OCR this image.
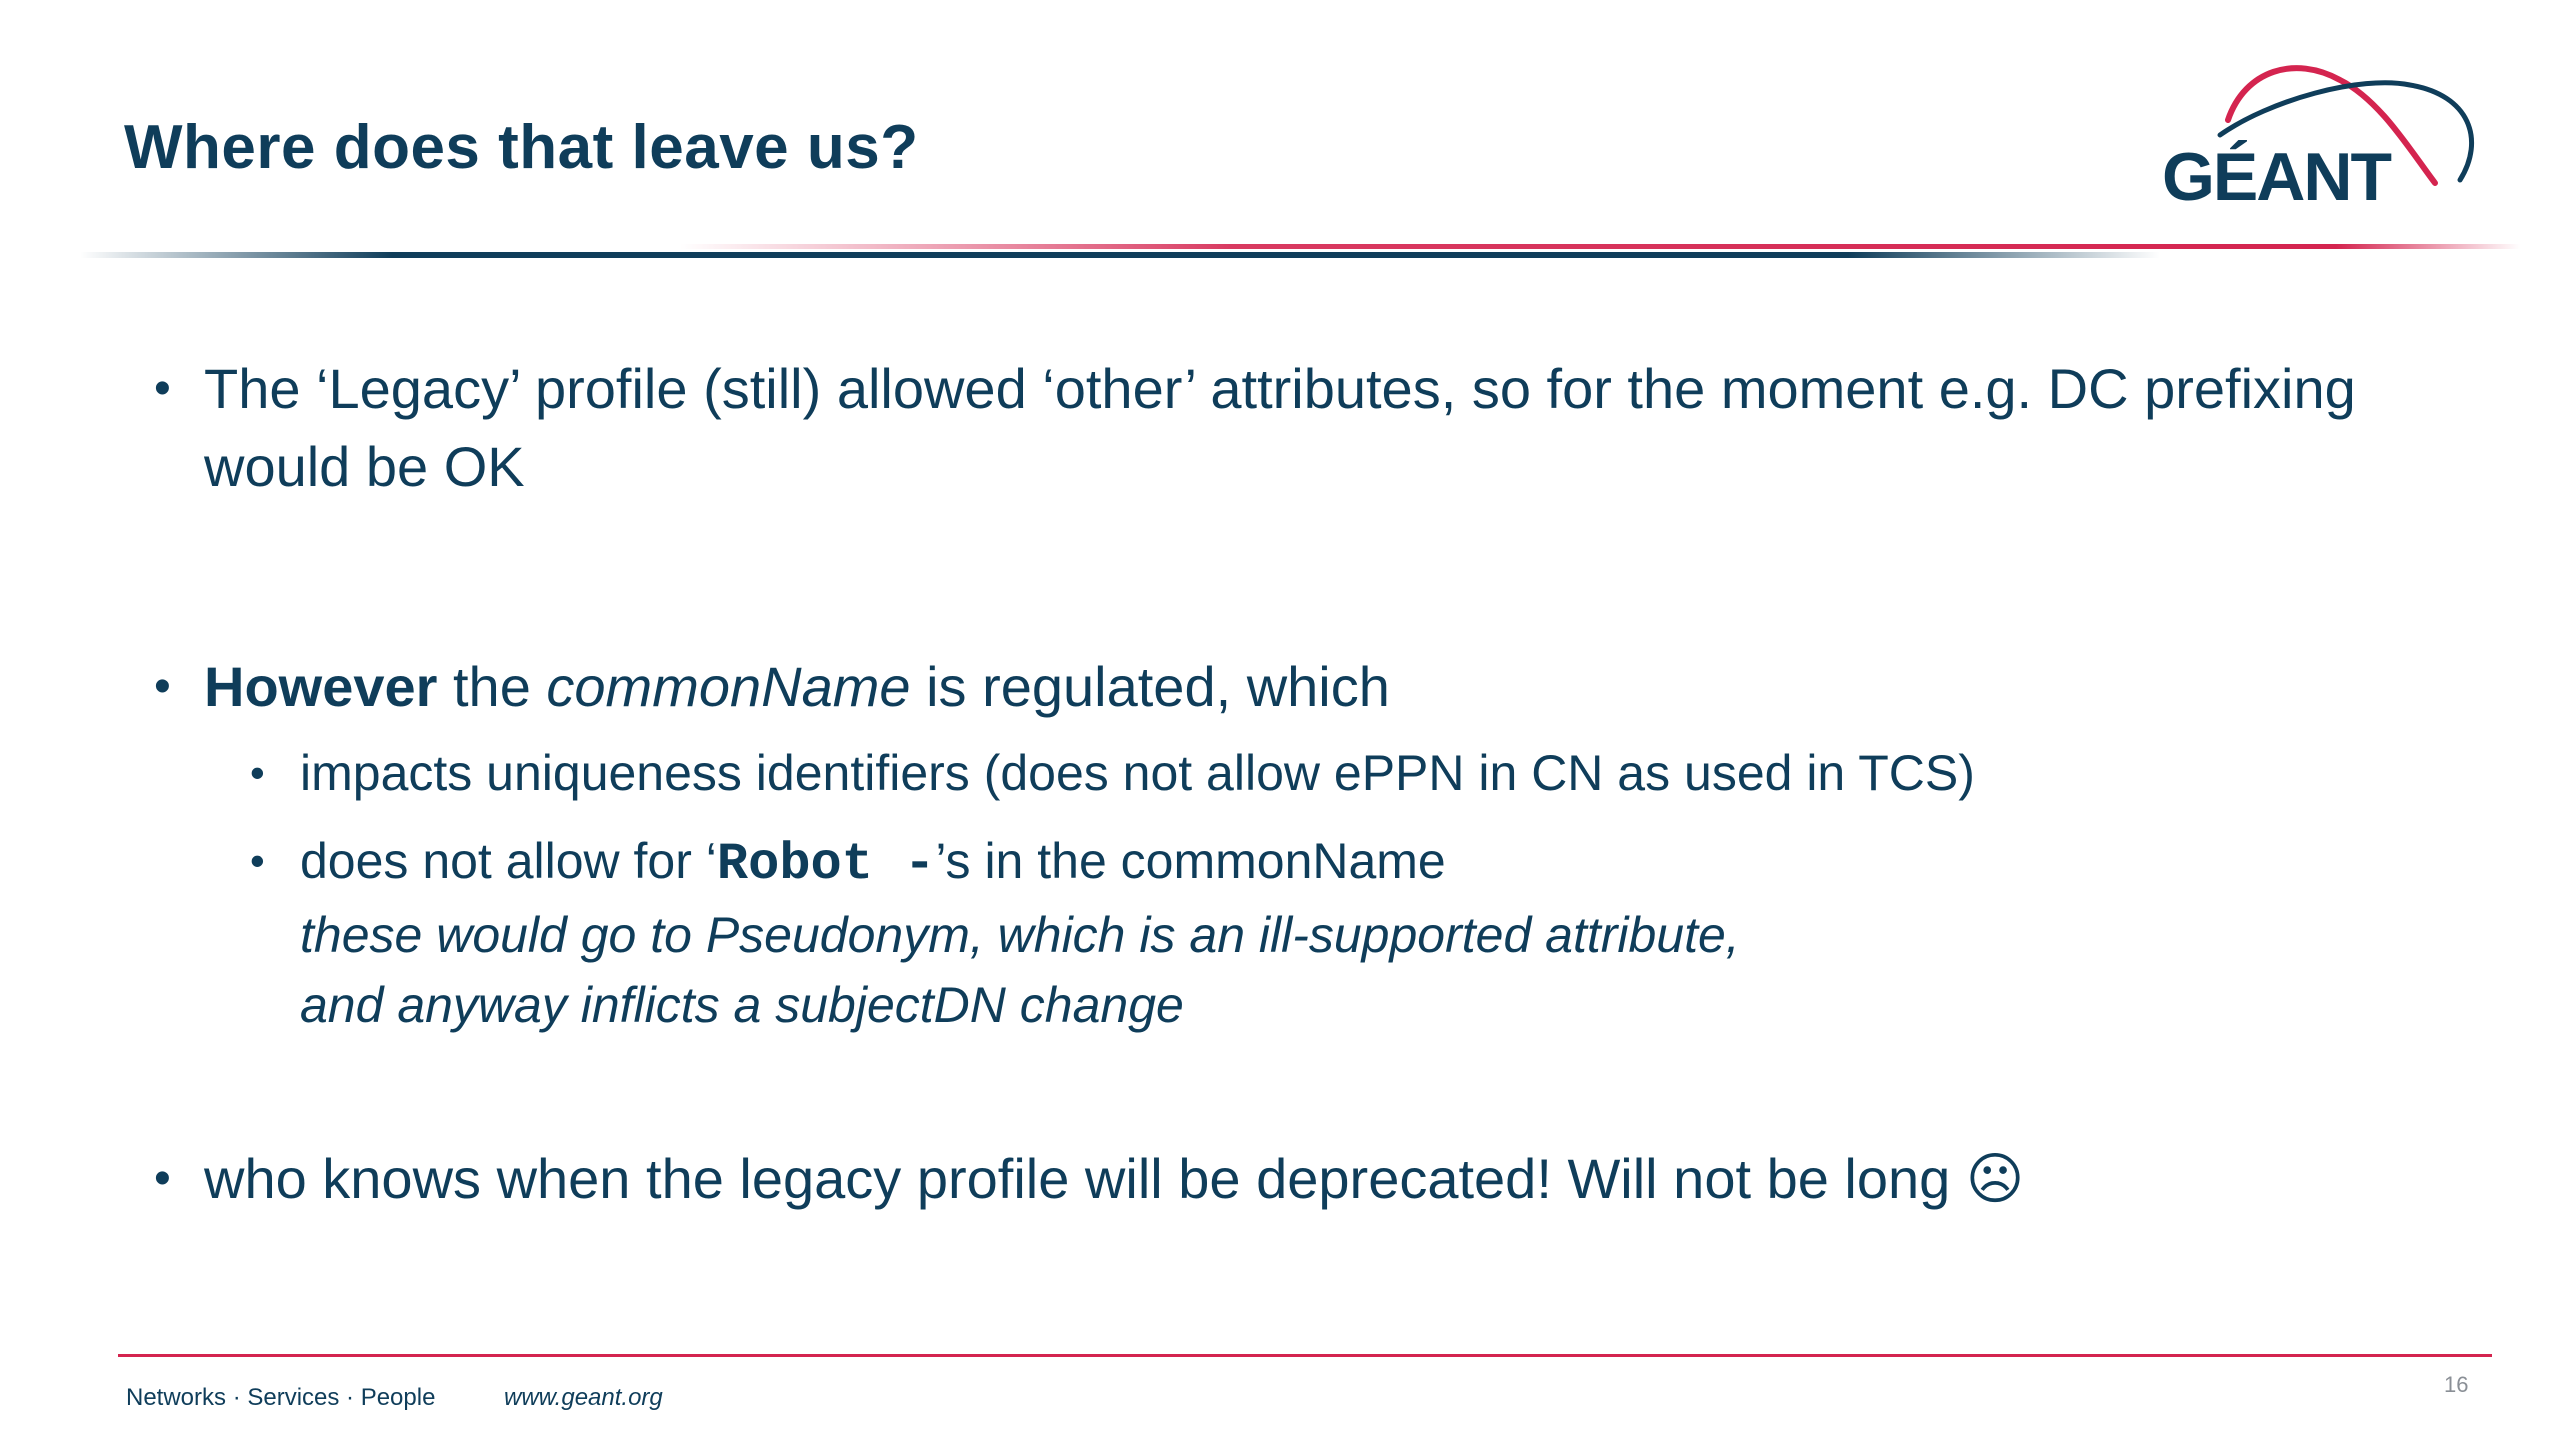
Where does that leave us?	GÉANT
• The ‘Legacy’ profile (still) allowed ‘other’ attributes, so for the moment e.g. DC prefixing would be OK
• However the commonName is regulated, which
• impacts uniqueness identifiers (does not allow ePPN in CN as used in TCS)
• does not allow for ‘Robot -’s in the commonName
these would go to Pseudonym, which is an ill-supported attribute,
and anyway inflicts a subjectDN change
• who knows when the legacy profile will be deprecated! Will not be long ☹
Networks · Services · People	www.geant.org	16
